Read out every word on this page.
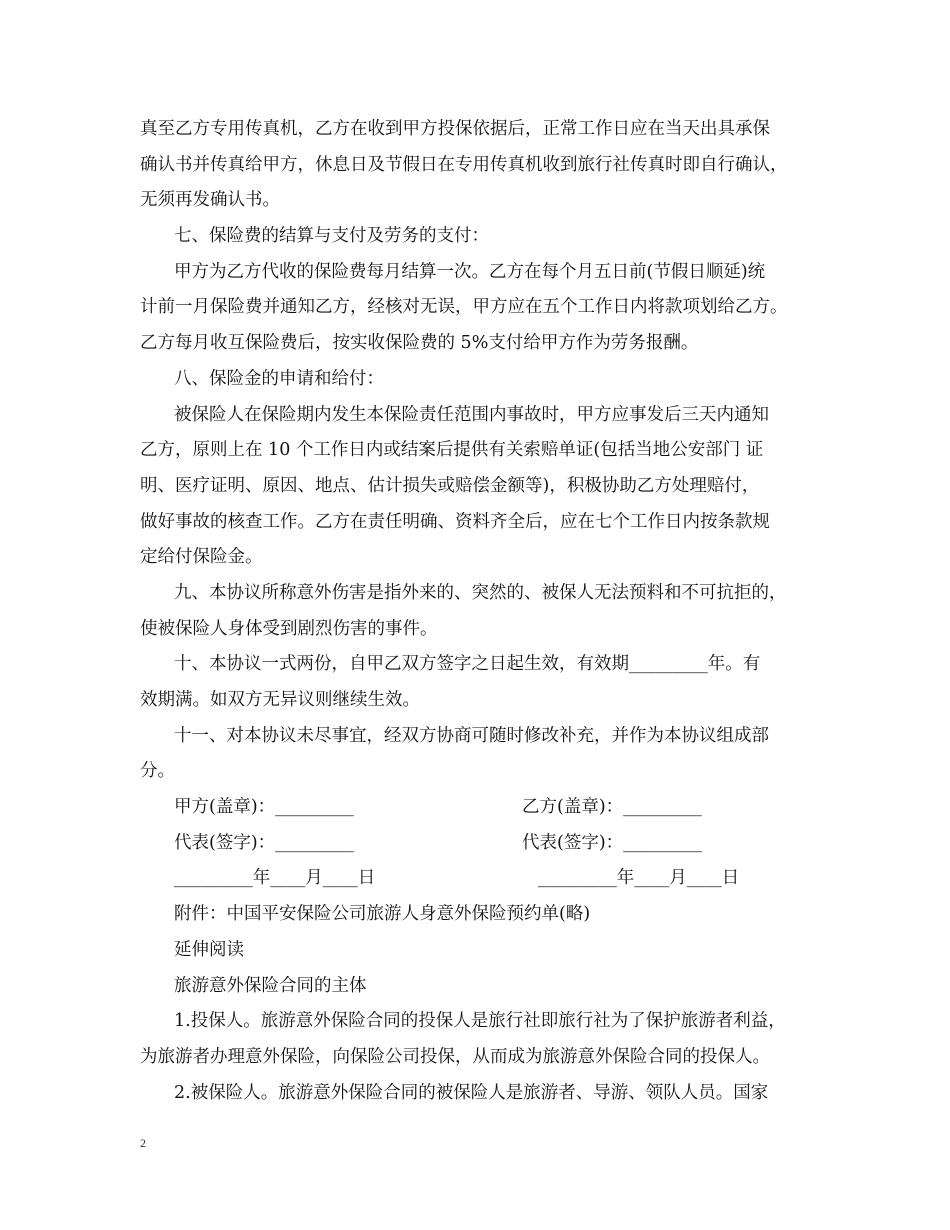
真至乙方专用传真机，乙方在收到甲方投保依据后，正常工作日应在当天出具承保
确认书并传真给甲方，休息日及节假日在专用传真机收到旅行社传真时即自行确认，
无须再发确认书。
七、保险费的结算与支付及劳务的支付：
甲方为乙方代收的保险费每月结算一次。乙方在每个月五日前(节假日顺延)统
计前一月保险费并通知乙方，经核对无误，甲方应在五个工作日内将款项划给乙方。
乙方每月收互保险费后，按实收保险费的 5%支付给甲方作为劳务报酬。
八、保险金的申请和给付：
被保险人在保险期内发生本保险责任范围内事故时，甲方应事发后三天内通知
乙方，原则上在 10 个工作日内或结案后提供有关索赔单证(包括当地公安部门 证
明、医疗证明、原因、地点、估计损失或赔偿金额等)，积极协助乙方处理赔付，
做好事故的核查工作。乙方在责任明确、资料齐全后，应在七个工作日内按条款规
定给付保险金。
九、本协议所称意外伤害是指外来的、突然的、被保人无法预料和不可抗拒的，
使被保险人身体受到剧烈伤害的事件。
十、本协议一式两份，自甲乙双方签字之日起生效，有效期_________年。有
效期满。如双方无异议则继续生效。
十一、对本协议未尽事宜，经双方协商可随时修改补充，并作为本协议组成部
分。
甲方(盖章)：_________	乙方(盖章)：_________
代表(签字)：_________	代表(签字)：_________
_________年____月____日	_________年____月____日
附件：中国平安保险公司旅游人身意外保险预约单(略)
延伸阅读
旅游意外保险合同的主体
1.投保人。旅游意外保险合同的投保人是旅行社即旅行社为了保护旅游者利益，
为旅游者办理意外保险，向保险公司投保，从而成为旅游意外保险合同的投保人。
2.被保险人。旅游意外保险合同的被保险人是旅游者、导游、领队人员。国家
2
